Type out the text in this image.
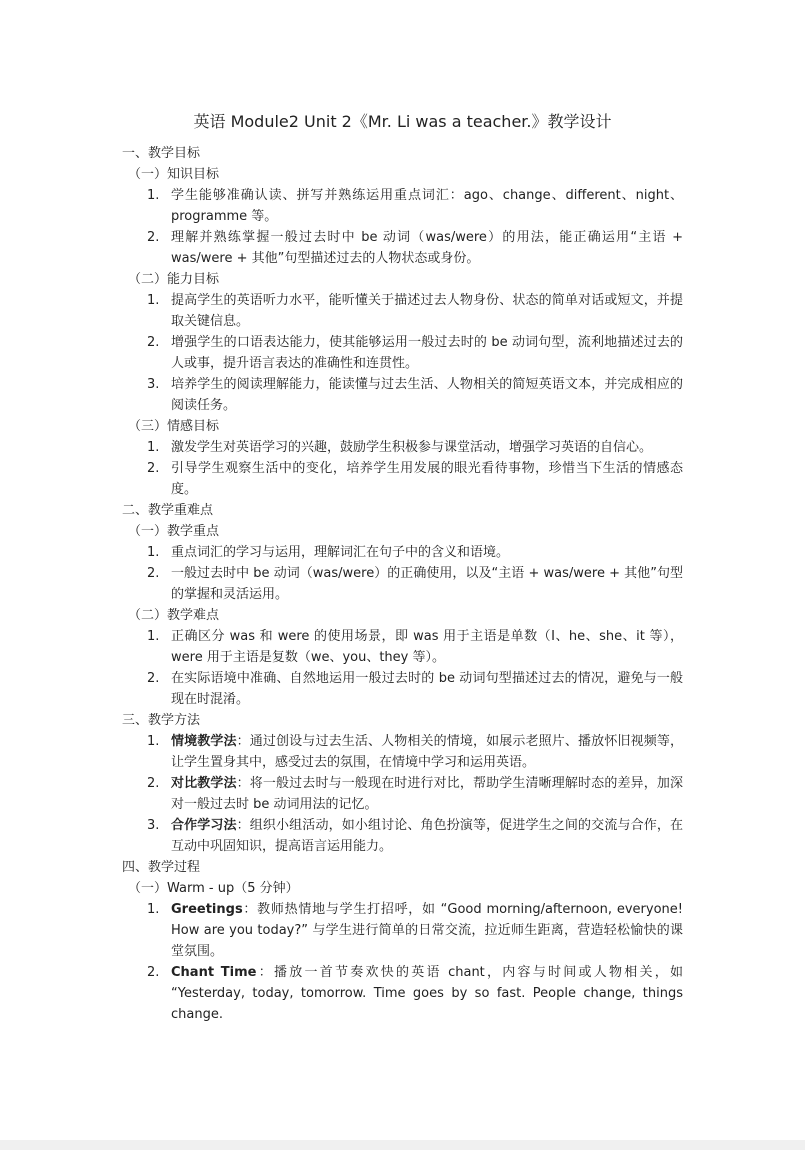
英语 Module2 Unit 2《Mr. Li was a teacher.》教学设计
一、教学目标
（一）知识目标
1. 学生能够准确认读、拼写并熟练运用重点词汇：ago、change、different、night、programme 等。
2. 理解并熟练掌握一般过去时中 be 动词（was/were）的用法，能正确运用“主语 + was/were + 其他”句型描述过去的人物状态或身份。
（二）能力目标
1. 提高学生的英语听力水平，能听懂关于描述过去人物身份、状态的简单对话或短文，并提取关键信息。
2. 增强学生的口语表达能力，使其能够运用一般过去时的 be 动词句型，流利地描述过去的人或事，提升语言表达的准确性和连贯性。
3. 培养学生的阅读理解能力，能读懂与过去生活、人物相关的简短英语文本，并完成相应的阅读任务。
（三）情感目标
1. 激发学生对英语学习的兴趣，鼓励学生积极参与课堂活动，增强学习英语的自信心。
2. 引导学生观察生活中的变化，培养学生用发展的眼光看待事物，珍惜当下生活的情感态度。
二、教学重难点
（一）教学重点
1. 重点词汇的学习与运用，理解词汇在句子中的含义和语境。
2. 一般过去时中 be 动词（was/were）的正确使用，以及“主语 + was/were + 其他”句型的掌握和灵活运用。
（二）教学难点
1. 正确区分 was 和 were 的使用场景，即 was 用于主语是单数（I、he、she、it 等），were 用于主语是复数（we、you、they 等）。
2. 在实际语境中准确、自然地运用一般过去时的 be 动词句型描述过去的情况，避免与一般现在时混淆。
三、教学方法
1. 情境教学法：通过创设与过去生活、人物相关的情境，如展示老照片、播放怀旧视频等，让学生置身其中，感受过去的氛围，在情境中学习和运用英语。
2. 对比教学法：将一般过去时与一般现在时进行对比，帮助学生清晰理解时态的差异，加深对一般过去时 be 动词用法的记忆。
3. 合作学习法：组织小组活动，如小组讨论、角色扮演等，促进学生之间的交流与合作，在互动中巩固知识，提高语言运用能力。
四、教学过程
（一）Warm - up（5 分钟）
1. Greetings：教师热情地与学生打招呼，如 “Good morning/afternoon, everyone! How are you today?” 与学生进行简单的日常交流，拉近师生距离，营造轻松愉快的课堂氛围。
2. Chant Time：播放一首节奏欢快的英语 chant，内容与时间或人物相关，如 “Yesterday, today, tomorrow. Time goes by so fast. People change, things change.
